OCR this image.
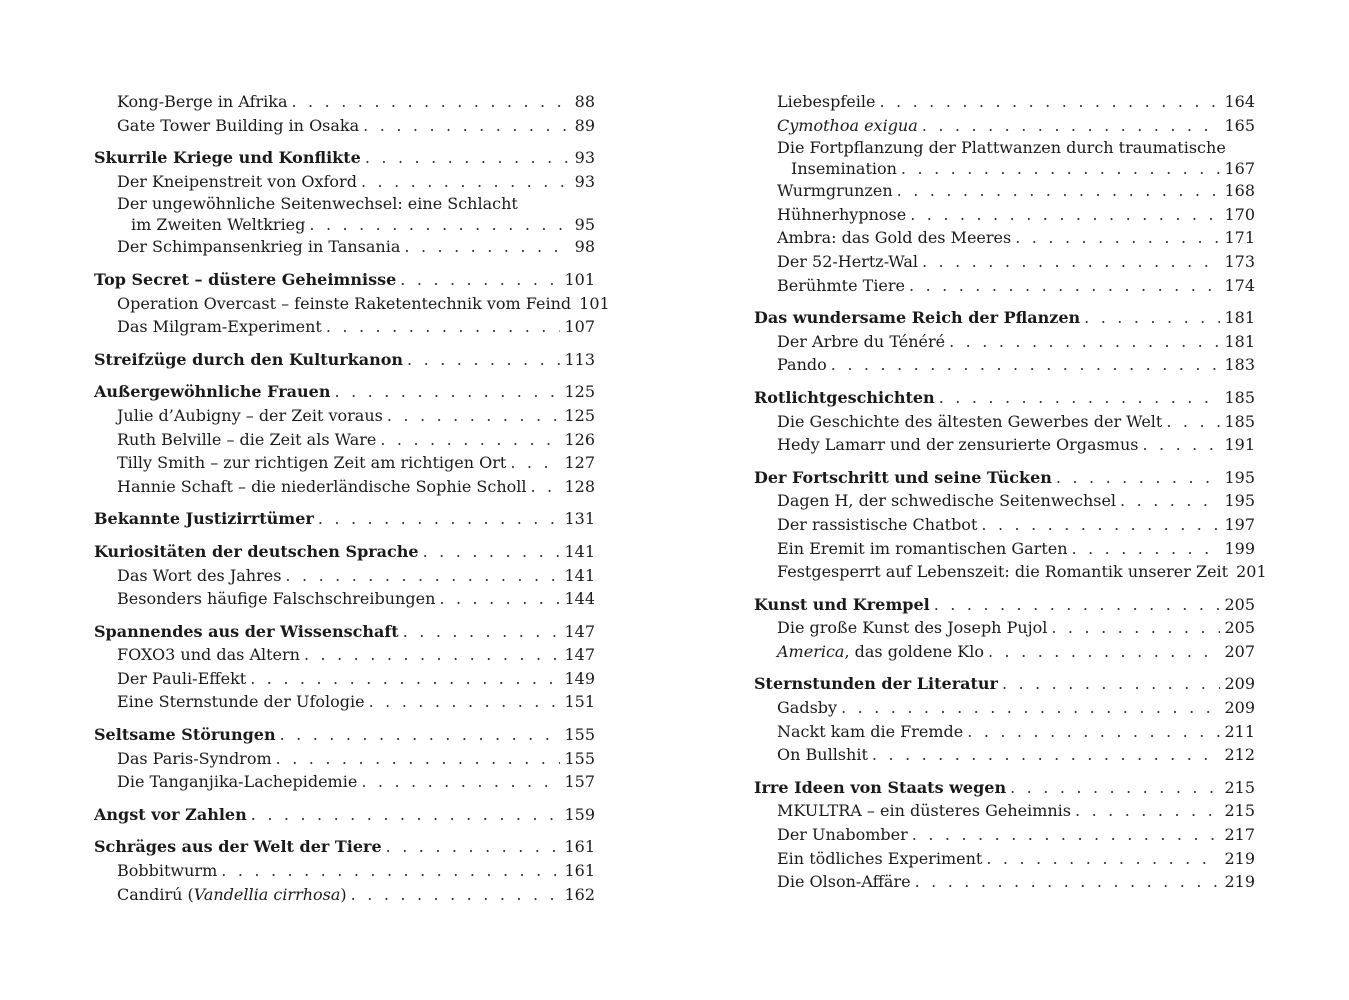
Kong-Berge in Afrika . . .	88
Gate Tower Building in Osaka . . .	89
Skurrile Kriege und Konflikte . . .	93
Der Kneipenstreit von Oxford . . .	93
Der ungewöhnliche Seitenwechsel: eine Schlacht
im Zweiten Weltkrieg . . .	95
Der Schimpansenkrieg in Tansania . . .	98
Top Secret – düstere Geheimnisse . . .	101
Operation Overcast – feinste Raketentechnik vom Feind 101
Das Milgram-Experiment . . .	107
Streifzüge durch den Kulturkanon . . .	113
Außergewöhnliche Frauen . . .	125
Julie d’Aubigny – der Zeit voraus . . .	125
Ruth Belville – die Zeit als Ware . . .	126
Tilly Smith – zur richtigen Zeit am richtigen Ort . . .	127
Hannie Schaft – die niederländische Sophie Scholl . . . 128
Bekannte Justizirrtümer . . .	131
Kuriositäten der deutschen Sprache . . .	141
Das Wort des Jahres . . .	141
Besonders häufige Falschschreibungen . . .	144
Spannendes aus der Wissenschaft . . .	147
FOXO3 und das Altern . . .	147
Der Pauli-Effekt . . .	149
Eine Sternstunde der Ufologie . . .	151
Seltsame Störungen . . .	155
Das Paris-Syndrom . . .	155
Die Tanganjika-Lachepidemie . . .	157
Angst vor Zahlen . . .	159
Schräges aus der Welt der Tiere . . .	161
Bobbitwurm . . .	161
Candirú (Vandellia cirrhosa) . . .	162
Liebespfeile . . .	164
Cymothoa exigua . . .	165
Die Fortpflanzung der Plattwanzen durch traumatische
Insemination . . .	167
Wurmgrunzen . . .	168
Hühnerhypnose . . .	170
Ambra: das Gold des Meeres . . .	171
Der 52-Hertz-Wal . . .	173
Berühmte Tiere . . .	174
Das wundersame Reich der Pflanzen . . .	181
Der Arbre du Ténéré . . .	181
Pando . . .	183
Rotlichtgeschichten . . .	185
Die Geschichte des ältesten Gewerbes der Welt . . .	185
Hedy Lamarr und der zensurierte Orgasmus . . .	191
Der Fortschritt und seine Tücken . . .	195
Dagen H, der schwedische Seitenwechsel . . .	195
Der rassistische Chatbot . . .	197
Ein Eremit im romantischen Garten . . .	199
Festgesperrt auf Lebenszeit: die Romantik unserer Zeit 201
Kunst und Krempel . . .	205
Die große Kunst des Joseph Pujol . . .	205
America, das goldene Klo . . .	207
Sternstunden der Literatur . . .	209
Gadsby . . .	209
Nackt kam die Fremde . . .	211
On Bullshit . . .	212
Irre Ideen von Staats wegen . . .	215
MKULTRA – ein düsteres Geheimnis . . .	215
Der Unabomber . . .	217
Ein tödliches Experiment . . .	219
Die Olson-Affäre . . .	219
